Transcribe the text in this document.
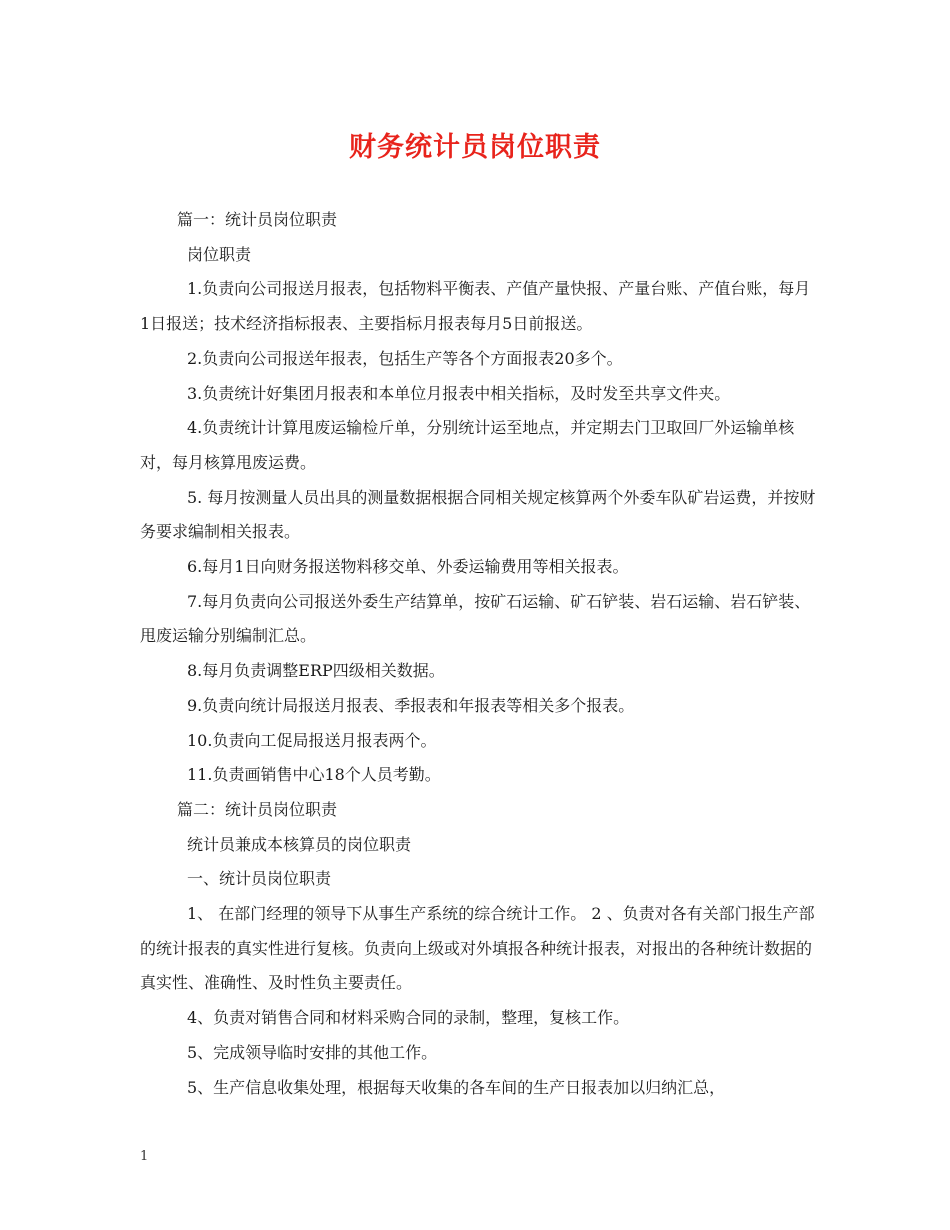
财务统计员岗位职责

篇一：统计员岗位职责

岗位职责

1.负责向公司报送月报表，包括物料平衡表、产值产量快报、产量台账、产值台账，每月1日报送；技术经济指标报表、主要指标月报表每月5日前报送。

2.负责向公司报送年报表，包括生产等各个方面报表20多个。

3.负责统计好集团月报表和本单位月报表中相关指标，及时发至共享文件夹。

4.负责统计计算甩废运输检斤单，分别统计运至地点，并定期去门卫取回厂外运输单核对，每月核算甩废运费。

5. 每月按测量人员出具的测量数据根据合同相关规定核算两个外委车队矿岩运费，并按财务要求编制相关报表。

6.每月1日向财务报送物料移交单、外委运输费用等相关报表。

7.每月负责向公司报送外委生产结算单，按矿石运输、矿石铲装、岩石运输、岩石铲装、甩废运输分别编制汇总。

8.每月负责调整ERP四级相关数据。

9.负责向统计局报送月报表、季报表和年报表等相关多个报表。

10.负责向工促局报送月报表两个。

11.负责画销售中心18个人员考勤。

篇二：统计员岗位职责

统计员兼成本核算员的岗位职责

一、统计员岗位职责

1、 在部门经理的领导下从事生产系统的综合统计工作。 2 、负责对各有关部门报生产部的统计报表的真实性进行复核。负责向上级或对外填报各种统计报表，对报出的各种统计数据的真实性、准确性、及时性负主要责任。

4、负责对销售合同和材料采购合同的录制，整理，复核工作。

5、完成领导临时安排的其他工作。

5、生产信息收集处理，根据每天收集的各车间的生产日报表加以归纳汇总，

1
